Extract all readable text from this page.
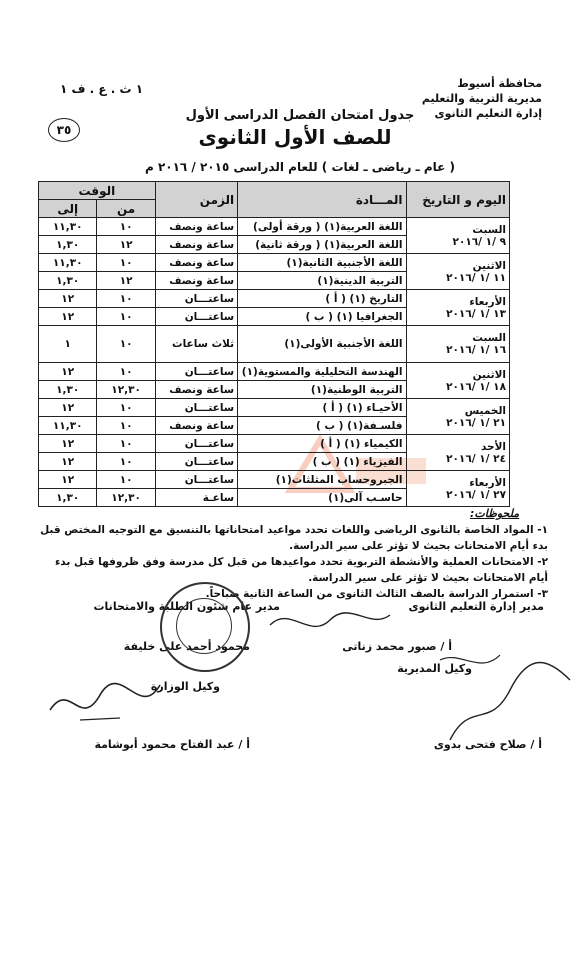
محافظة أسيوط
مديرية التربية والتعليم
إدارة التعليم الثانوى
١ ث . ع . ف ١
٣٥
جدول امتحان الفصل الدراسى الأول
للصف الأول الثانوى
( عام ـ رياضى ـ لغات ) للعام الدراسى ٢٠١٥ / ٢٠١٦ م
اليوم و التاريخ	المـــادة	الزمن	الوقت	
			من	إلى

السبت
٩ /١ /٢٠١٦	اللغة العربية(١) ( ورقة أولى)	ساعة ونصف	١٠	١١,٣٠
	اللغة العربية(١) ( ورقة ثانية)	ساعة ونصف	١٢	١,٣٠

الاثنين
١١ /١ /٢٠١٦	اللغة الأجنبية الثانية(١)	ساعة ونصف	١٠	١١,٣٠
	التربية الدينية(١)	ساعة ونصف	١٢	١,٣٠

الأربعاء
١٣ /١ /٢٠١٦	التاريخ (١) ( أ )	ساعتـــان	١٠	١٢
	الجغرافيا (١) ( ب )	ساعتـــان	١٠	١٢

السبت
١٦ /١ /٢٠١٦	اللغة الأجنبية الأولى(١)	ثلاث ساعات	١٠	١

الاثنين
١٨ /١ /٢٠١٦	الهندسة التحليلية والمستوية(١)	ساعتـــان	١٠	١٢
	التربية الوطنية(١)	ساعة ونصف	١٢,٣٠	١,٣٠

الخميس
٢١ /١ /٢٠١٦	الأحيـاء (١) ( أ )	ساعتـــان	١٠	١٢
	فلسـفة(١) ( ب )	ساعة ونصف	١٠	١١,٣٠

الأحد
٢٤ /١ /٢٠١٦	الكيمياء (١) ( أ )	ساعتـــان	١٠	١٢
	الفيزياء (١) ( ب )	ساعتـــان	١٠	١٢

الأربعاء
٢٧ /١ /٢٠١٦	الجبروحساب المثلثات(١)	ساعتـــان	١٠	١٢
	حاسـب آلى(١)	ساعـة	١٢,٣٠	١,٣٠
ملحوظات:
١- المواد الخاصة بالثانوى الرياضى واللغات تحدد مواعيد امتحاناتها بالتنسيق مع التوجيه المختص قبل بدء أيام الامتحانات بحيث لا تؤثر على سير الدراسة.
٢- الامتحانات العملية والأنشطة التربوية تحدد مواعيدها من قبل كل مدرسة وفق ظروفها قبل بدء أيام الامتحانات بحيث لا تؤثر على سير الدراسة.
٣- استمرار الدراسة بالصف الثالث الثانوى من الساعة الثانية صباحاً.
مدير إدارة التعليم الثانوى
أ / صبور محمد زناتى
وكيل المديرية
أ / صلاح فتحى بدوى
مدير عام شئون الطلبة والامتحانات
محمود أحمد على خليفة
وكيل الوزارة
أ / عبد الفتاح محمود أبوشامة
